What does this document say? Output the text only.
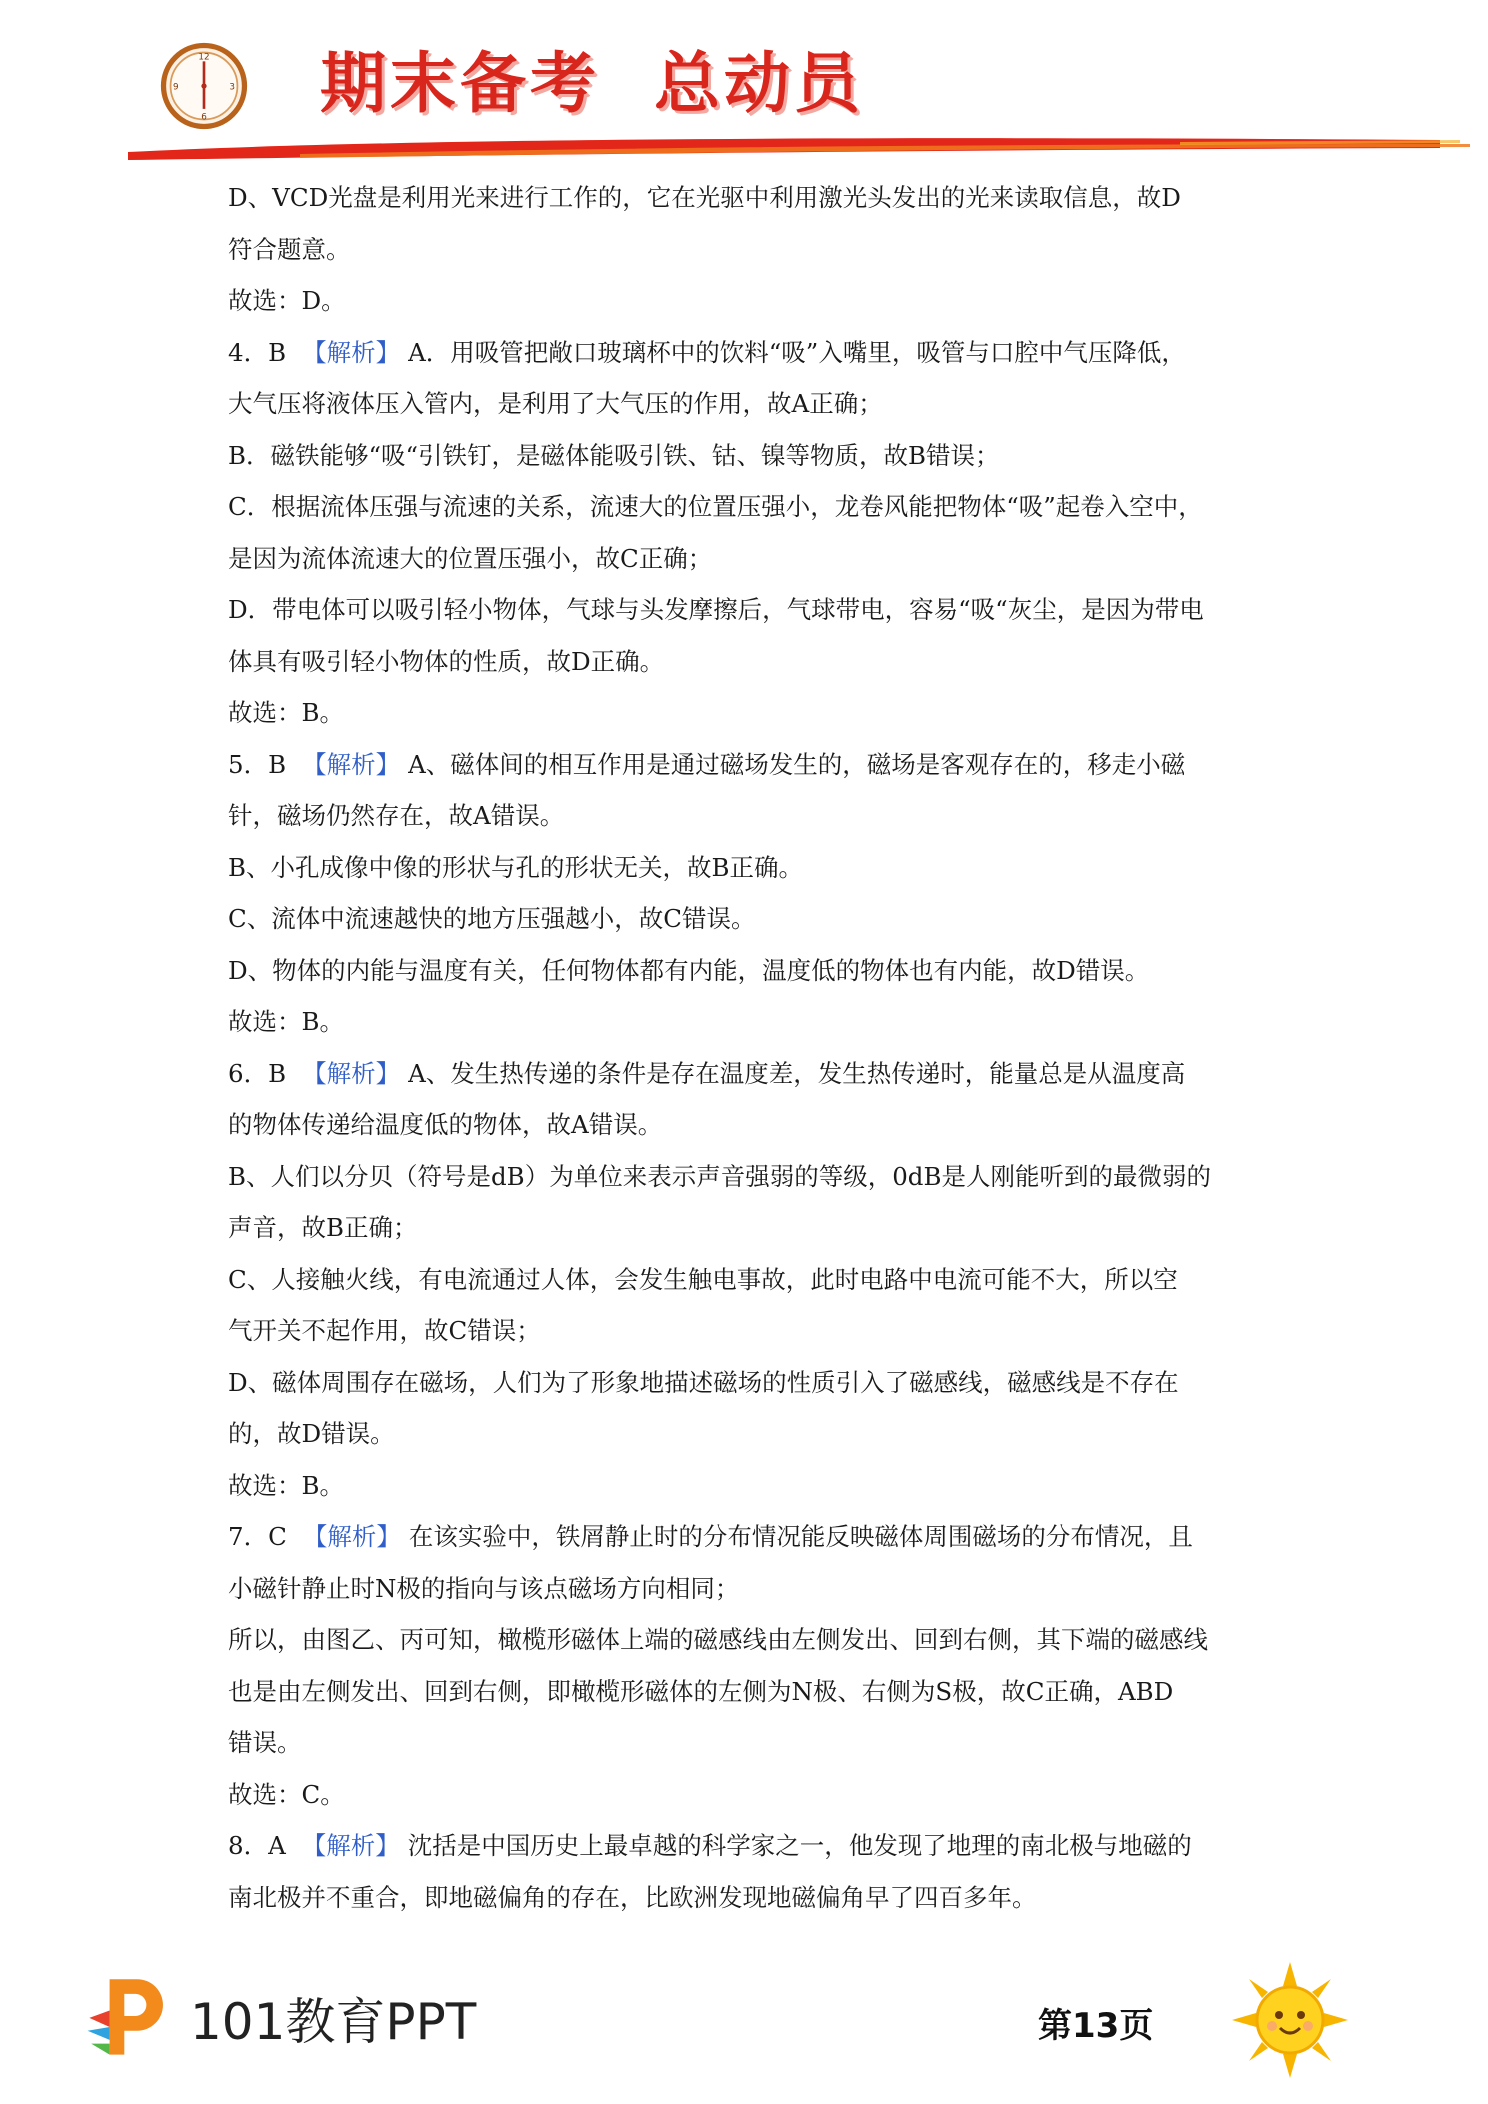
12
3
6
9 期末备考  总动员
D、VCD光盘是利用光来进行工作的，它在光驱中利用激光头发出的光来读取信息，故D
符合题意。
故选：D。
4．B 【解析】 A．用吸管把敞口玻璃杯中的饮料“吸”入嘴里，吸管与口腔中气压降低，
大气压将液体压入管内，是利用了大气压的作用，故A正确；
B．磁铁能够“吸“引铁钉，是磁体能吸引铁、钴、镍等物质，故B错误；
C．根据流体压强与流速的关系，流速大的位置压强小，龙卷风能把物体“吸”起卷入空中，
是因为流体流速大的位置压强小，故C正确；
D．带电体可以吸引轻小物体，气球与头发摩擦后，气球带电，容易“吸“灰尘，是因为带电
体具有吸引轻小物体的性质，故D正确。
故选：B。
5．B 【解析】 A、磁体间的相互作用是通过磁场发生的，磁场是客观存在的，移走小磁
针，磁场仍然存在，故A错误。
B、小孔成像中像的形状与孔的形状无关，故B正确。
C、流体中流速越快的地方压强越小，故C错误。
D、物体的内能与温度有关，任何物体都有内能，温度低的物体也有内能，故D错误。
故选：B。
6．B 【解析】 A、发生热传递的条件是存在温度差，发生热传递时，能量总是从温度高
的物体传递给温度低的物体，故A错误。
B、人们以分贝（符号是dB）为单位来表示声音强弱的等级，0dB是人刚能听到的最微弱的
声音，故B正确；
C、人接触火线，有电流通过人体，会发生触电事故，此时电路中电流可能不大，所以空
气开关不起作用，故C错误；
D、磁体周围存在磁场，人们为了形象地描述磁场的性质引入了磁感线，磁感线是不存在
的，故D错误。
故选：B。
7．C 【解析】 在该实验中，铁屑静止时的分布情况能反映磁体周围磁场的分布情况，且
小磁针静止时N极的指向与该点磁场方向相同；
所以，由图乙、丙可知，橄榄形磁体上端的磁感线由左侧发出、回到右侧，其下端的磁感线
也是由左侧发出、回到右侧，即橄榄形磁体的左侧为N极、右侧为S极，故C正确，ABD
错误。
故选：C。
8．A 【解析】 沈括是中国历史上最卓越的科学家之一，他发现了地理的南北极与地磁的
南北极并不重合，即地磁偏角的存在，比欧洲发现地磁偏角早了四百多年。
101教育PPT	第13页
